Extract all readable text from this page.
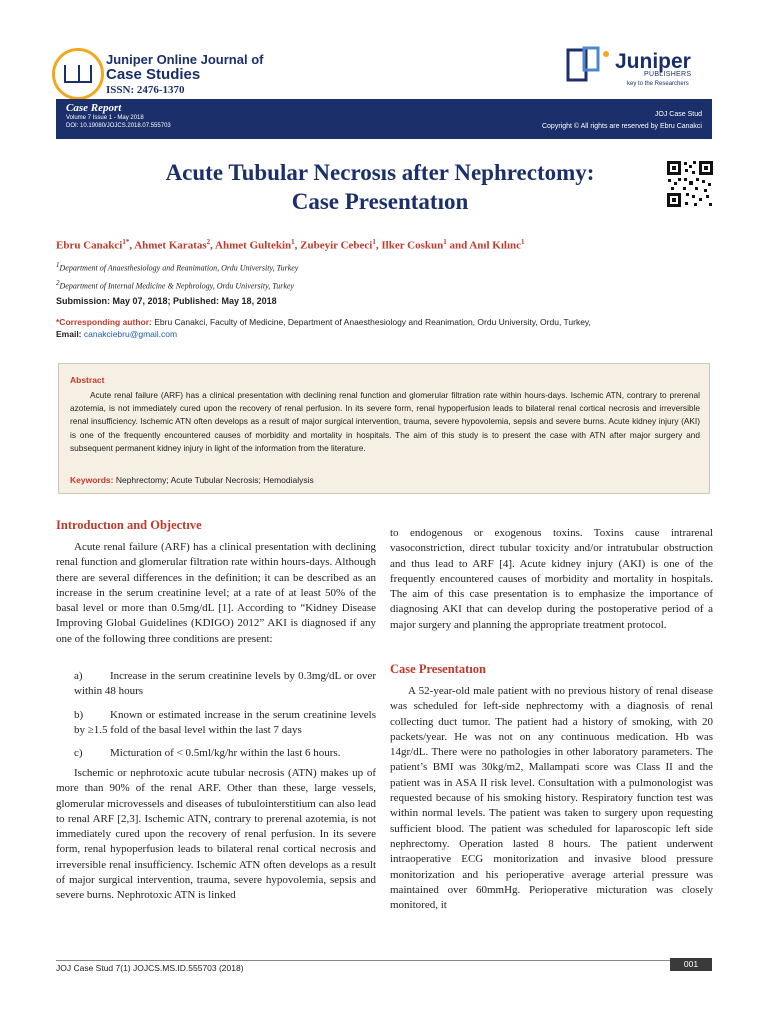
Juniper Online Journal of
Case Studies
ISSN: 2476-1370
Juniper
PUBLISHERS
key to the Researchers
Case Report
Volume 7 Issue 1 - May 2018
DOI: 10.19080/JOJCS.2018.07.555703
JOJ Case Stud
Copyright © All rights are reserved by Ebru Canakci
Acute Tubular Necrosıs after Nephrectomy:
Case Presentatıon
Ebru Canakci$^{1*}$, Ahmet Karatas$^2$, Ahmet Gultekin$^1$, Zubeyir Cebeci$^1$, Ilker Coskun$^1$ and Anıl Kılınc$^1$
$^1$Department of Anaesthesiology and Reanimation, Ordu University, Turkey
$^2$Department of Internal Medicine & Nephrology, Ordu University, Turkey
Submission: May 07, 2018; Published: May 18, 2018
*Corresponding author: Ebru Canakci, Faculty of Medicine, Department of Anaesthesiology and Reanimation, Ordu University, Ordu, Turkey,
Email: canakciebru@gmail.com
Abstract

Acute renal failure (ARF) has a clinical presentation with declining renal function and glomerular filtration rate within hours-days. Ischemic ATN, contrary to prerenal azotemia, is not immediately cured upon the recovery of renal perfusion. In its severe form, renal hypoperfusion leads to bilateral renal cortical necrosis and irreversible renal insufficiency. Ischemic ATN often develops as a result of major surgical intervention, trauma, severe hypovolemia, sepsis and severe burns. Acute kidney injury (AKI) is one of the frequently encountered causes of morbidity and mortality in hospitals. The aim of this study is to present the case with ATN after major surgery and subsequent permanent kidney injury in light of the information from the literature.

Keywords: Nephrectomy; Acute Tubular Necrosis; Hemodialysis
Introductıon and Objectıve

Acute renal failure (ARF) has a clinical presentation with declining renal function and glomerular filtration rate within hours-days. Although there are several differences in the definition; it can be described as an increase in the serum creatinine level; at a rate of at least 50% of the basal level or more than 0.5mg/dL [1]. According to “Kidney Disease Improving Global Guidelines (KDIGO) 2012” AKI is diagnosed if any one of the following three conditions are present:

a) Increase in the serum creatinine levels by 0.3mg/dL or over within 48 hours

b) Known or estimated increase in the serum creatinine levels by ≥1.5 fold of the basal level within the last 7 days

c) Micturation of < 0.5ml/kg/hr within the last 6 hours.

Ischemic or nephrotoxic acute tubular necrosis (ATN) makes up of more than 90% of the renal ARF. Other than these, large vessels, glomerular microvessels and diseases of tubulointerstitium can also lead to renal ARF [2,3]. Ischemic ATN, contrary to prerenal azotemia, is not immediately cured upon the recovery of renal perfusion. In its severe form, renal hypoperfusion leads to bilateral renal cortical necrosis and irreversible renal insufficiency. Ischemic ATN often develops as a result of major surgical intervention, trauma, severe hypovolemia, sepsis and severe burns. Nephrotoxic ATN is linked

to endogenous or exogenous toxins. Toxins cause intrarenal vasoconstriction, direct tubular toxicity and/or intratubular obstruction and thus lead to ARF [4]. Acute kidney injury (AKI) is one of the frequently encountered causes of morbidity and mortality in hospitals. The aim of this case presentation is to emphasize the importance of diagnosing AKI that can develop during the postoperative period of a major surgery and planning the appropriate treatment protocol.

Case Presentatıon

A 52-year-old male patient with no previous history of renal disease was scheduled for left-side nephrectomy with a diagnosis of renal collecting duct tumor. The patient had a history of smoking, with 20 packets/year. He was not on any continuous medication. Hb was 14gr/dL. There were no pathologies in other laboratory parameters. The patient’s BMI was 30kg/m2, Mallampati score was Class II and the patient was in ASA II risk level. Consultation with a pulmonologist was requested because of his smoking history. Respiratory function test was within normal levels. The patient was taken to surgery upon requesting sufficient blood. The patient was scheduled for laparoscopic left side nephrectomy. Operation lasted 8 hours. The patient underwent intraoperative ECG monitorization and invasive blood pressure monitorization and his perioperative average arterial pressure was maintained over 60mmHg. Perioperative micturation was closely monitored, it

JOJ Case Stud 7(1) JOJCS.MS.ID.555703 (2018)	001
